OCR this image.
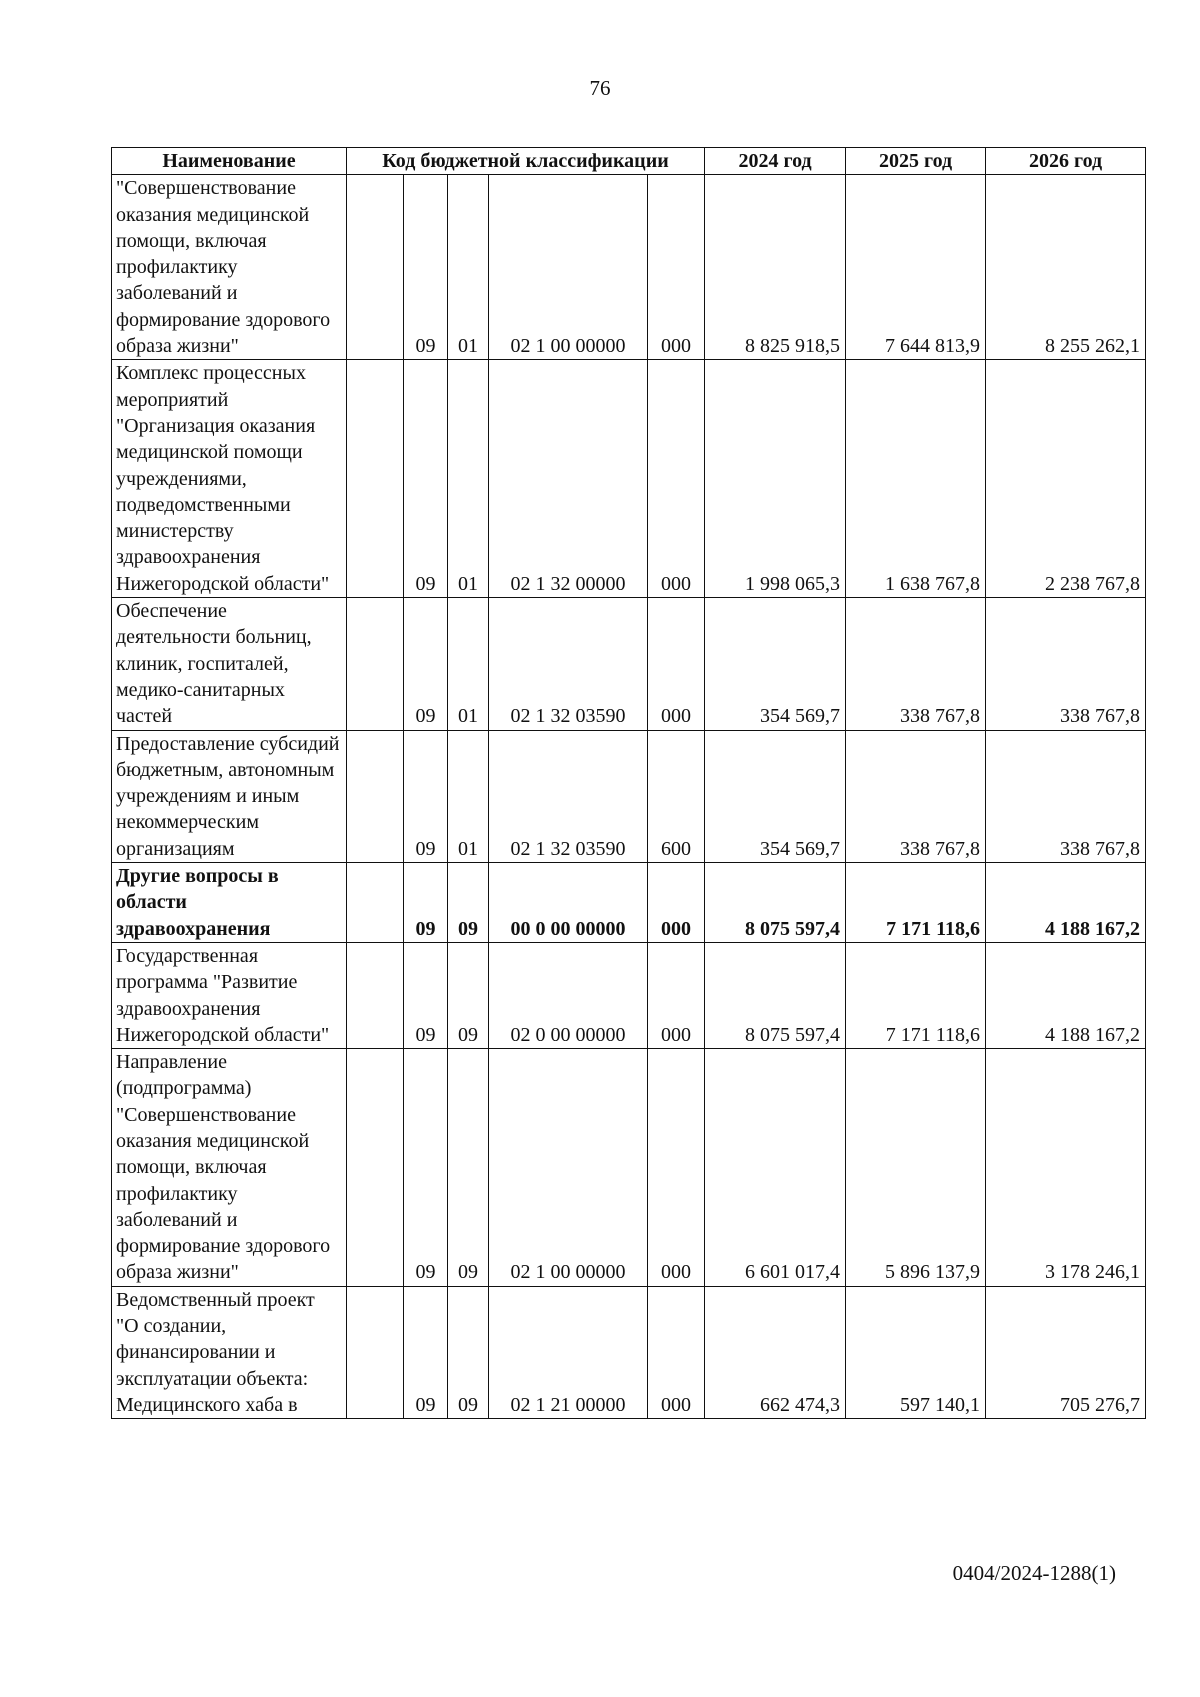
76
Наименование	Код бюджетной классификации					2024 год	2025 год	2026 год
"Совершенствование оказания медицинской помощи, включая профилактику заболеваний и формирование здорового образа жизни"		09	01	02 1 00 00000	000	8 825 918,5	7 644 813,9	8 255 262,1
Комплекс процессных мероприятий "Организация оказания медицинской помощи учреждениями, подведомственными министерству здравоохранения Нижегородской области"		09	01	02 1 32 00000	000	1 998 065,3	1 638 767,8	2 238 767,8
Обеспечение деятельности больниц, клиник, госпиталей, медико-санитарных частей		09	01	02 1 32 03590	000	354 569,7	338 767,8	338 767,8
Предоставление субсидий бюджетным, автономным учреждениям и иным некоммерческим организациям		09	01	02 1 32 03590	600	354 569,7	338 767,8	338 767,8
Другие вопросы в области здравоохранения		09	09	00 0 00 00000	000	8 075 597,4	7 171 118,6	4 188 167,2
Государственная программа "Развитие здравоохранения Нижегородской области"		09	09	02 0 00 00000	000	8 075 597,4	7 171 118,6	4 188 167,2
Направление (подпрограмма) "Совершенствование оказания медицинской помощи, включая профилактику заболеваний и формирование здорового образа жизни"		09	09	02 1 00 00000	000	6 601 017,4	5 896 137,9	3 178 246,1
Ведомственный проект "О создании, финансировании и эксплуатации объекта: Медицинского хаба в		09	09	02 1 21 00000	000	662 474,3	597 140,1	705 276,7
0404/2024-1288(1)
